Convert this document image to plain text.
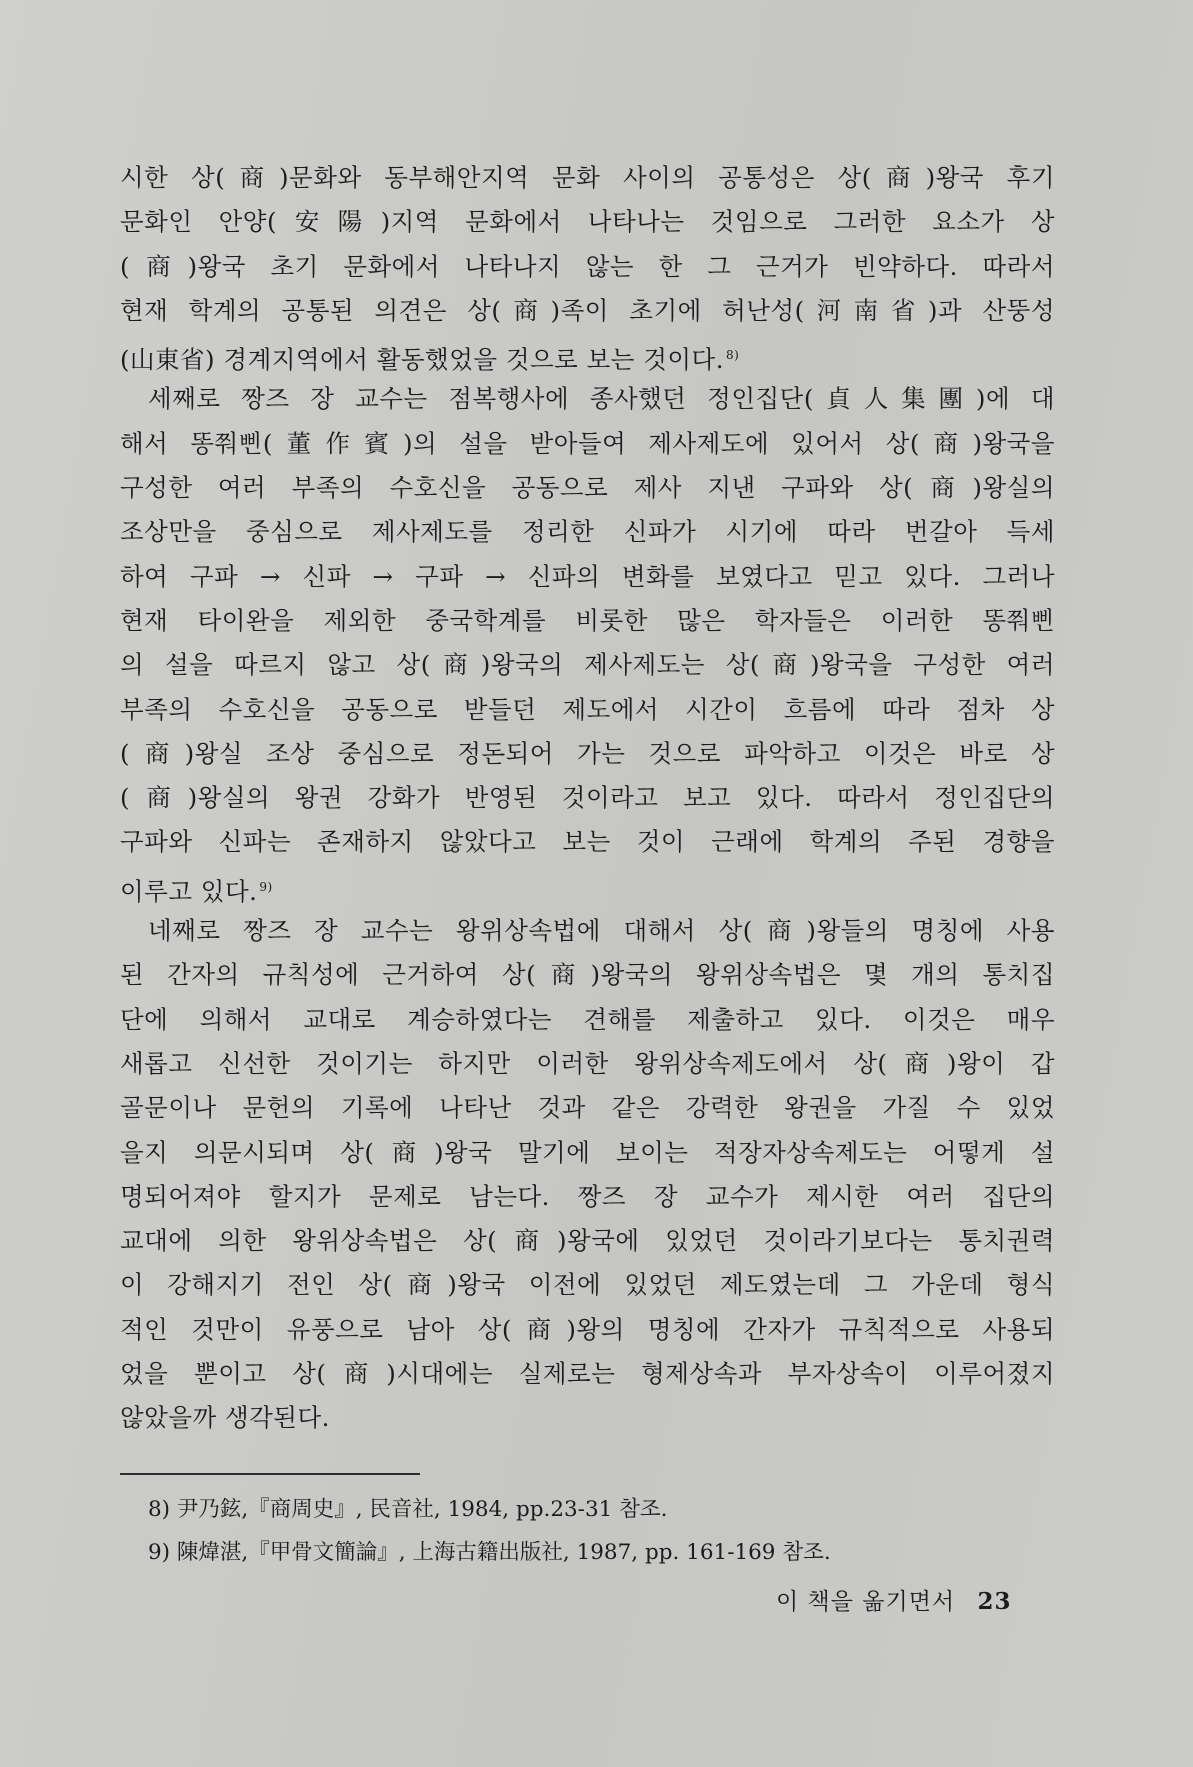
시한 상(商)문화와 동부해안지역 문화 사이의 공통성은 상(商)왕국 후기
문화인 안양(安陽)지역 문화에서 나타나는 것임으로 그러한 요소가 상
(商)왕국 초기 문화에서 나타나지 않는 한 그 근거가 빈약하다. 따라서
현재 학계의 공통된 의견은 상(商)족이 초기에 허난성(河南省)과 산뚱성
(山東省) 경계지역에서 활동했었을 것으로 보는 것이다. $^{8)}$
세째로 짱즈 장 교수는 점복행사에 종사했던 정인집단(貞人集團)에 대
해서 똥쭤삔(董作賓)의 설을 받아들여 제사제도에 있어서 상(商)왕국을
구성한 여러 부족의 수호신을 공동으로 제사 지낸 구파와 상(商)왕실의
조상만을 중심으로 제사제도를 정리한 신파가 시기에 따라 번갈아 득세
하여 구파 → 신파 → 구파 → 신파의 변화를 보였다고 믿고 있다. 그러나
현재 타이완을 제외한 중국학계를 비롯한 많은 학자들은 이러한 똥쭤삔
의 설을 따르지 않고 상(商)왕국의 제사제도는 상(商)왕국을 구성한 여러
부족의 수호신을 공동으로 받들던 제도에서 시간이 흐름에 따라 점차 상
(商)왕실 조상 중심으로 정돈되어 가는 것으로 파악하고 이것은 바로 상
(商)왕실의 왕권 강화가 반영된 것이라고 보고 있다. 따라서 정인집단의
구파와 신파는 존재하지 않았다고 보는 것이 근래에 학계의 주된 경향을
이루고 있다. $^{9)}$
네째로 짱즈 장 교수는 왕위상속법에 대해서 상(商)왕들의 명칭에 사용
된 간자의 규칙성에 근거하여 상(商)왕국의 왕위상속법은 몇 개의 통치집
단에 의해서 교대로 계승하였다는 견해를 제출하고 있다. 이것은 매우
새롭고 신선한 것이기는 하지만 이러한 왕위상속제도에서 상(商)왕이 갑
골문이나 문헌의 기록에 나타난 것과 같은 강력한 왕권을 가질 수 있었
을지 의문시되며 상(商)왕국 말기에 보이는 적장자상속제도는 어떻게 설
명되어져야 할지가 문제로 남는다. 짱즈 장 교수가 제시한 여러 집단의
교대에 의한 왕위상속법은 상(商)왕국에 있었던 것이라기보다는 통치권력
이 강해지기 전인 상(商)왕국 이전에 있었던 제도였는데 그 가운데 형식
적인 것만이 유풍으로 남아 상(商)왕의 명칭에 간자가 규칙적으로 사용되
었을 뿐이고 상(商)시대에는 실제로는 형제상속과 부자상속이 이루어졌지
않았을까 생각된다.
8) 尹乃鉉,『商周史』, 民音社, 1984, pp.23-31 참조.
9) 陳煒湛,『甲骨文簡論』, 上海古籍出版社, 1987, pp. 161-169 참조.
이 책을 옮기면서 23
